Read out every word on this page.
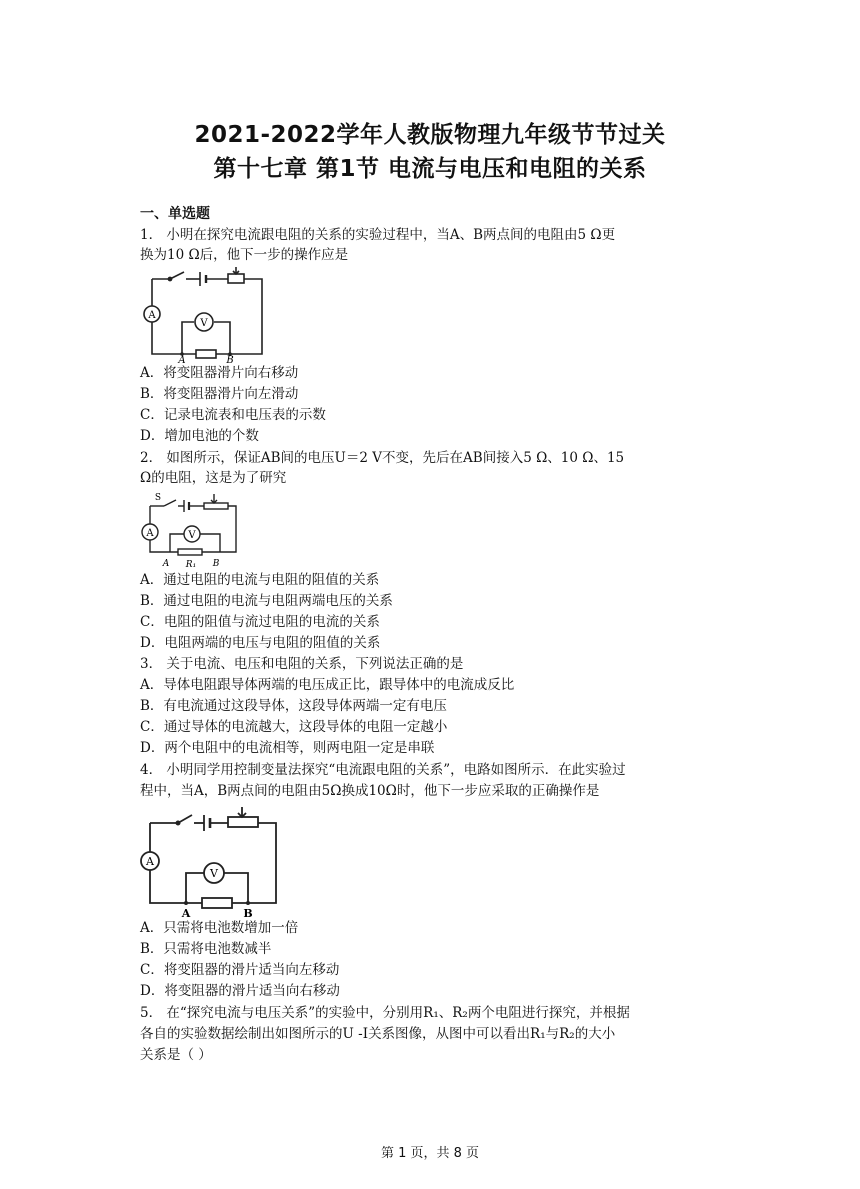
2021-2022学年人教版物理九年级节节过关
第十七章 第1节 电流与电压和电阻的关系
一、单选题
1． 小明在探究电流跟电阻的关系的实验过程中，当A、B两点间的电阻由5 Ω更
换为10 Ω后，他下一步的操作应是
A
V
A	B
A．将变阻器滑片向右移动
B．将变阻器滑片向左滑动
C．记录电流表和电压表的示数
D．增加电池的个数
2． 如图所示，保证AB间的电压U＝2 V不变，先后在AB间接入5 Ω、10 Ω、15
Ω的电阻，这是为了研究
S
A	V
A R₁ B
A．通过电阻的电流与电阻的阻值的关系
B．通过电阻的电流与电阻两端电压的关系
C．电阻的阻值与流过电阻的电流的关系
D．电阻两端的电压与电阻的阻值的关系
3． 关于电流、电压和电阻的关系，下列说法正确的是
A．导体电阻跟导体两端的电压成正比，跟导体中的电流成反比
B．有电流通过这段导体，这段导体两端一定有电压
C．通过导体的电流越大，这段导体的电阻一定越小
D．两个电阻中的电流相等，则两电阻一定是串联
4． 小明同学用控制变量法探究“电流跟电阻的关系”，电路如图所示．在此实验过
程中，当A，B两点间的电阻由5Ω换成10Ω时，他下一步应采取的正确操作是
A
V
A	B
A．只需将电池数增加一倍
B．只需将电池数减半
C．将变阻器的滑片适当向左移动
D．将变阻器的滑片适当向右移动
5． 在“探究电流与电压关系”的实验中，分别用R₁、R₂两个电阻进行探究，并根据
各自的实验数据绘制出如图所示的U -I关系图像，从图中可以看出R₁与R₂的大小
关系是（ ）
第 1 页，共 8 页
